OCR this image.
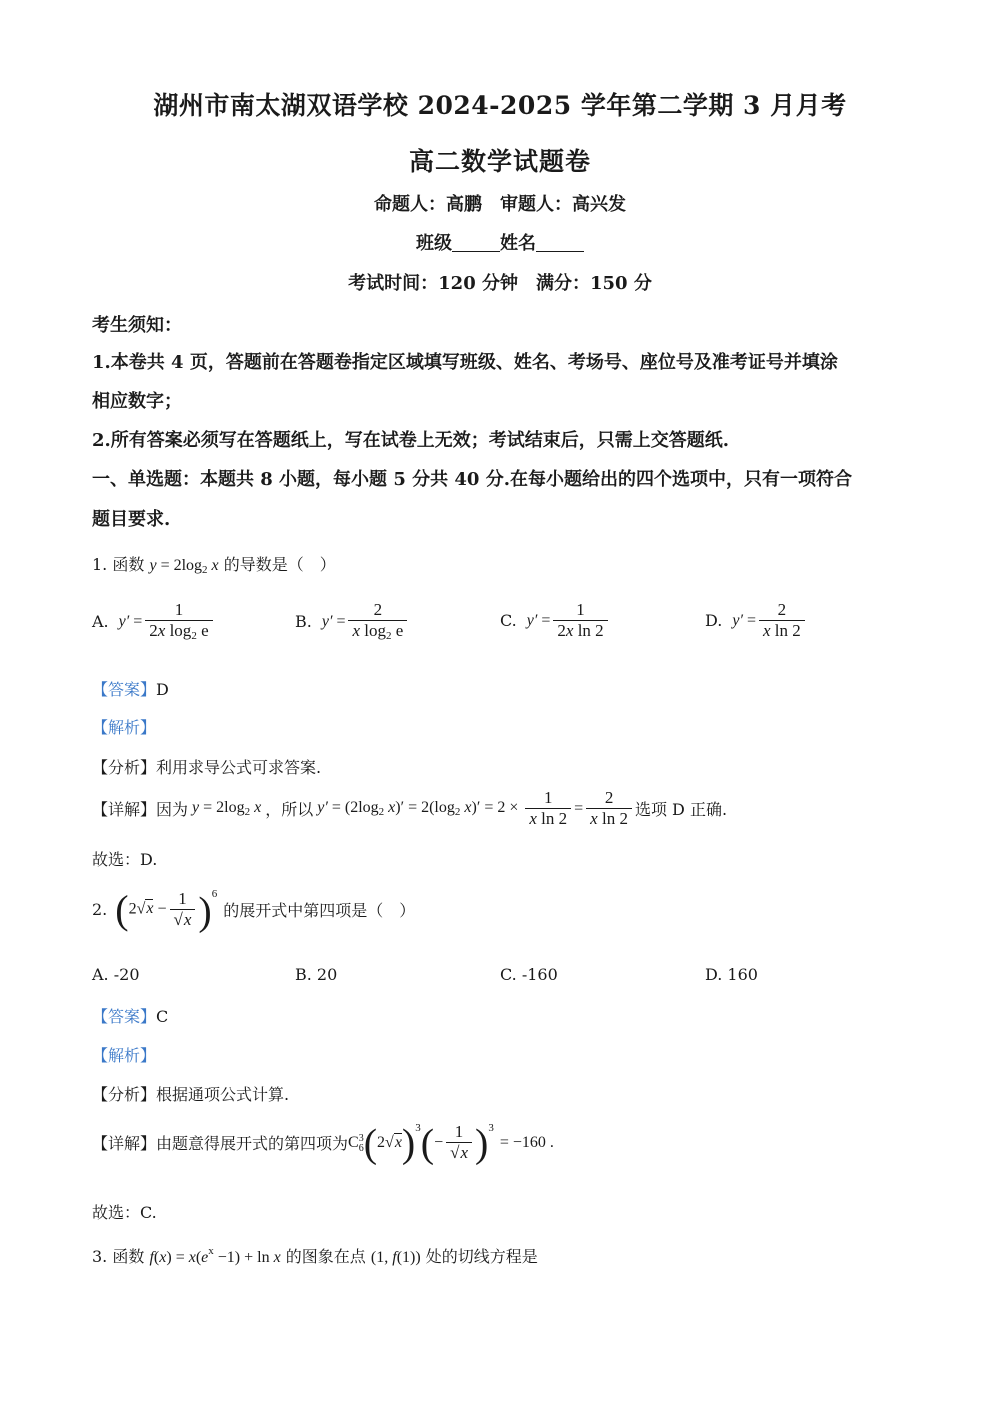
湖州市南太湖双语学校 2024-2025 学年第二学期 3 月月考
高二数学试题卷
命题人：高鹏　审题人：高兴发
班级	姓名
考试时间：120 分钟　满分：150 分
考生须知：
1.本卷共 4 页，答题前在答题卷指定区域填写班级、姓名、考场号、座位号及准考证号并填涂
相应数字；
2.所有答案必须写在答题纸上，写在试卷上无效；考试结束后，只需上交答题纸.
一、单选题：本题共 8 小题，每小题 5 分共 40 分.在每小题给出的四个选项中，只有一项符合
题目要求.
1. 函数 $y = 2\log_2$ x 的导数是（　）
A. $y' = \frac{1}{2x \log_2 e}$	B. $y' = \frac{2}{x \log_2 e}$	C. $y' = \frac{1}{\text{2x ln 2}}$	D. $y' = \frac{2}{\text{x ln 2}}$
【答案】D
【解析】
【分析】利用求导公式可求答案.
【详解】 因为 $y = 2\log_2$ x ，所以 $y' = (2\log_2$ $x)' = 2(\log_2$ $x)' = 2 \times \frac{1}{\text{x ln 2}} = \frac{2}{\text{x ln 2}}$ 选项 D 正确.
故选：D.
2. $(2√x - \frac{1}{√x} )^6$
的展开式中第四项是（　）
A. -20	B. 20	C. -160	D. 160
【答案】C
【解析】
【分析】根据通项公式计算.
【详解】 由题意得展开式的第四项为 C 3
6 $(2√x)^3(- \frac{1}{√x} )^3$
= −160 .
故选：C.
3. 函数 $f(x) = x(e^x -1) + \ln x$ 的图象在点 (1, f(1)) 处的切线方程是
